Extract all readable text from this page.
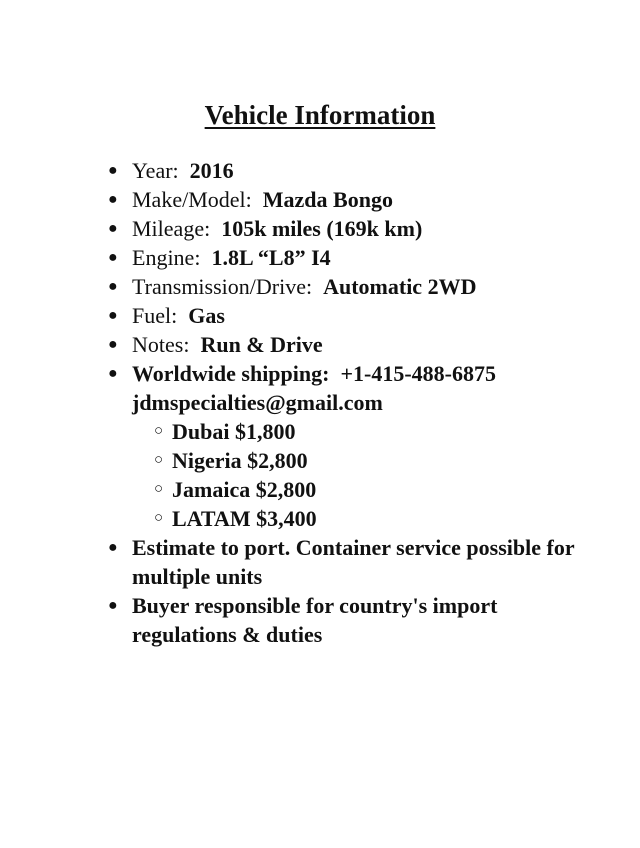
Vehicle Information
● Year: 2016
● Make/Model: Mazda Bongo
● Mileage: 105k miles (169k km)
● Engine: 1.8L “L8” I4
● Transmission/Drive: Automatic 2WD
● Fuel: Gas
● Notes: Run & Drive
● Worldwide shipping: +1-415-488-6875
jdmspecialties@gmail.com
○ Dubai $1,800
○ Nigeria $2,800
○ Jamaica $2,800
○ LATAM $3,400
● Estimate to port. Container service possible for multiple units
● Buyer responsible for country's import regulations & duties
